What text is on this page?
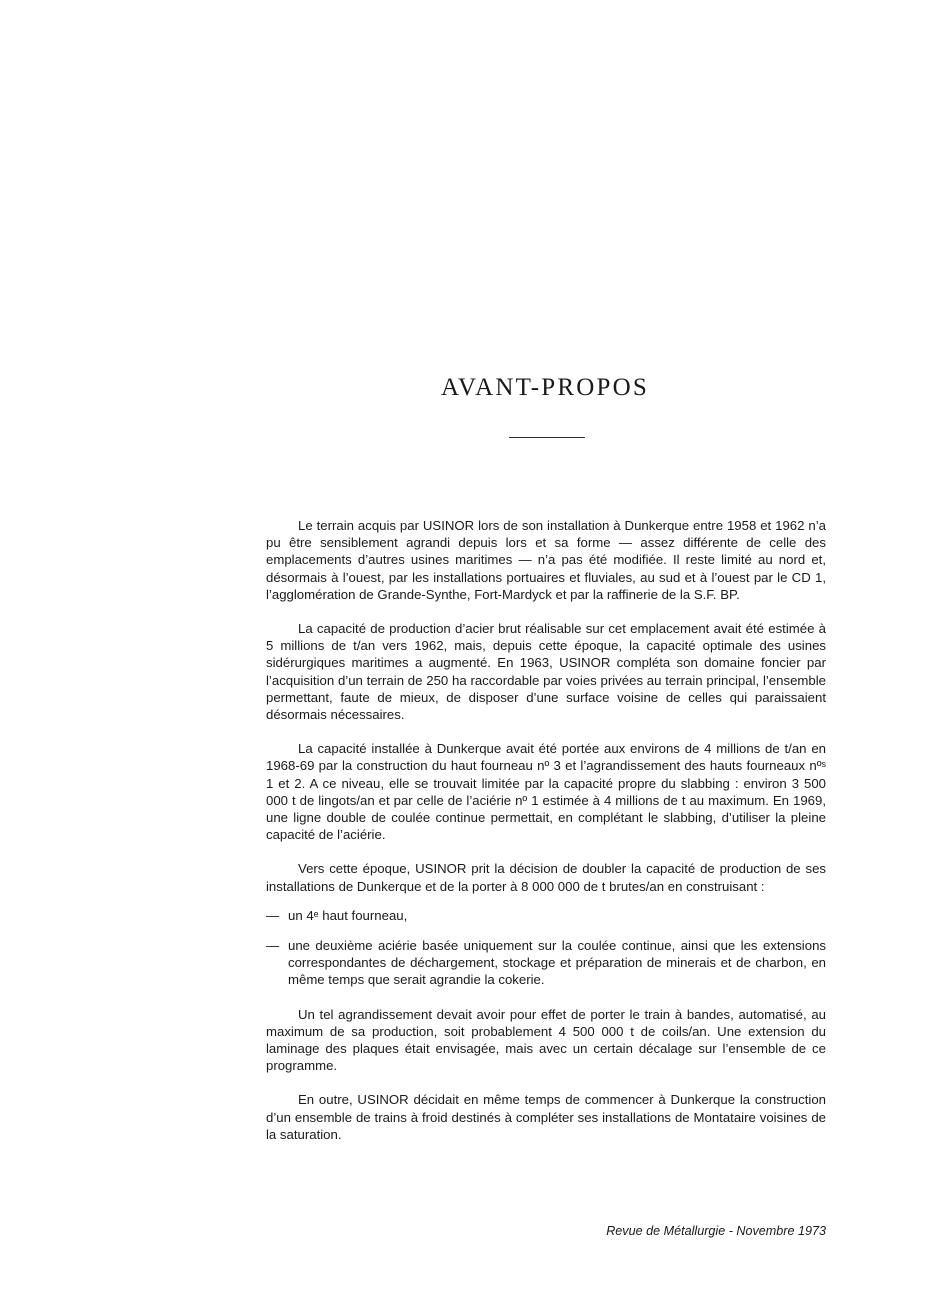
AVANT-PROPOS

Le terrain acquis par USINOR lors de son installation à Dunkerque entre 1958 et 1962 n’a pu être sensiblement agrandi depuis lors et sa forme — assez différente de celle des emplacements d’autres usines maritimes — n’a pas été modifiée. Il reste limité au nord et, désormais à l’ouest, par les installations portuaires et fluviales, au sud et à l’ouest par le CD 1, l’agglomération de Grande-Synthe, Fort-Mardyck et par la raffinerie de la S.F. BP.

La capacité de production d’acier brut réalisable sur cet emplacement avait été estimée à 5 millions de t/an vers 1962, mais, depuis cette époque, la capacité optimale des usines sidérurgiques maritimes a augmenté. En 1963, USINOR compléta son domaine foncier par l’acquisition d’un terrain de 250 ha raccordable par voies privées au terrain principal, l’ensemble permettant, faute de mieux, de disposer d’une surface voisine de celles qui paraissaient désormais nécessaires.

La capacité installée à Dunkerque avait été portée aux environs de 4 millions de t/an en 1968-69 par la construction du haut fourneau nº 3 et l’agrandissement des hauts fourneaux nºˢ 1 et 2. A ce niveau, elle se trouvait limitée par la capacité propre du slabbing : environ 3 500 000 t de lingots/an et par celle de l’aciérie nº 1 estimée à 4 millions de t au maximum. En 1969, une ligne double de coulée continue permettait, en complétant le slabbing, d’utiliser la pleine capacité de l’aciérie.

Vers cette époque, USINOR prit la décision de doubler la capacité de production de ses installations de Dunkerque et de la porter à 8 000 000 de t brutes/an en construisant :

— un 4ᵉ haut fourneau,
— une deuxième aciérie basée uniquement sur la coulée continue, ainsi que les extensions correspondantes de déchargement, stockage et préparation de minerais et de charbon, en même temps que serait agrandie la cokerie.

Un tel agrandissement devait avoir pour effet de porter le train à bandes, automatisé, au maximum de sa production, soit probablement 4 500 000 t de coils/an. Une extension du laminage des plaques était envisagée, mais avec un certain décalage sur l’ensemble de ce programme.

En outre, USINOR décidait en même temps de commencer à Dunkerque la construction d’un ensemble de trains à froid destinés à compléter ses installations de Montataire voisines de la saturation.

Revue de Métallurgie - Novembre 1973
